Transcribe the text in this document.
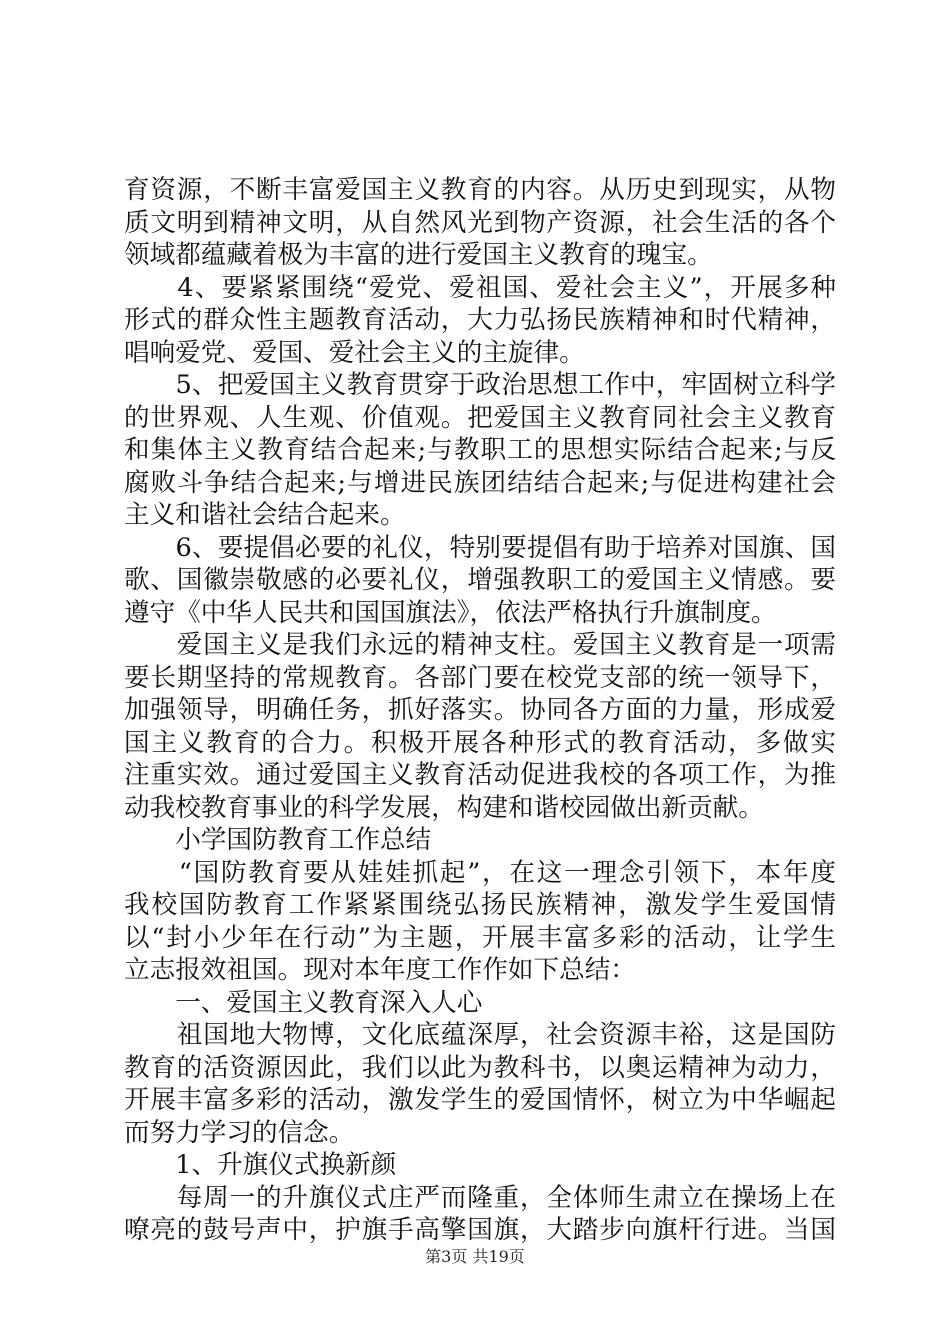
育资源，不断丰富爱国主义教育的内容。从历史到现实，从物
质文明到精神文明，从自然风光到物产资源，社会生活的各个
领域都蕴藏着极为丰富的进行爱国主义教育的瑰宝。
　　4、要紧紧围绕“爱党、爱祖国、爱社会主义”，开展多种
形式的群众性主题教育活动，大力弘扬民族精神和时代精神，
唱响爱党、爱国、爱社会主义的主旋律。
　　5、把爱国主义教育贯穿于政治思想工作中，牢固树立科学
的世界观、人生观、价值观。把爱国主义教育同社会主义教育
和集体主义教育结合起来;与教职工的思想实际结合起来;与反
腐败斗争结合起来;与增进民族团结结合起来;与促进构建社会
主义和谐社会结合起来。
　　6、要提倡必要的礼仪，特别要提倡有助于培养对国旗、国
歌、国徽崇敬感的必要礼仪，增强教职工的爱国主义情感。要
遵守《中华人民共和国国旗法》，依法严格执行升旗制度。
　　爱国主义是我们永远的精神支柱。爱国主义教育是一项需
要长期坚持的常规教育。各部门要在校党支部的统一领导下，
加强领导，明确任务，抓好落实。协同各方面的力量，形成爱
国主义教育的合力。积极开展各种形式的教育活动，多做实
注重实效。通过爱国主义教育活动促进我校的各项工作，为推
动我校教育事业的科学发展，构建和谐校园做出新贡献。
　　小学国防教育工作总结
　　“国防教育要从娃娃抓起”，在这一理念引领下，本年度
我校国防教育工作紧紧围绕弘扬民族精神，激发学生爱国情
以“封小少年在行动”为主题，开展丰富多彩的活动，让学生
立志报效祖国。现对本年度工作作如下总结：
　　一、爱国主义教育深入人心
　　祖国地大物博，文化底蕴深厚，社会资源丰裕，这是国防
教育的活资源因此，我们以此为教科书，以奥运精神为动力，
开展丰富多彩的活动，激发学生的爱国情怀，树立为中华崛起
而努力学习的信念。
　　1、升旗仪式换新颜
　　每周一的升旗仪式庄严而隆重，全体师生肃立在操场上在
嘹亮的鼓号声中，护旗手高擎国旗，大踏步向旗杆行进。当国
第3页 共19页
